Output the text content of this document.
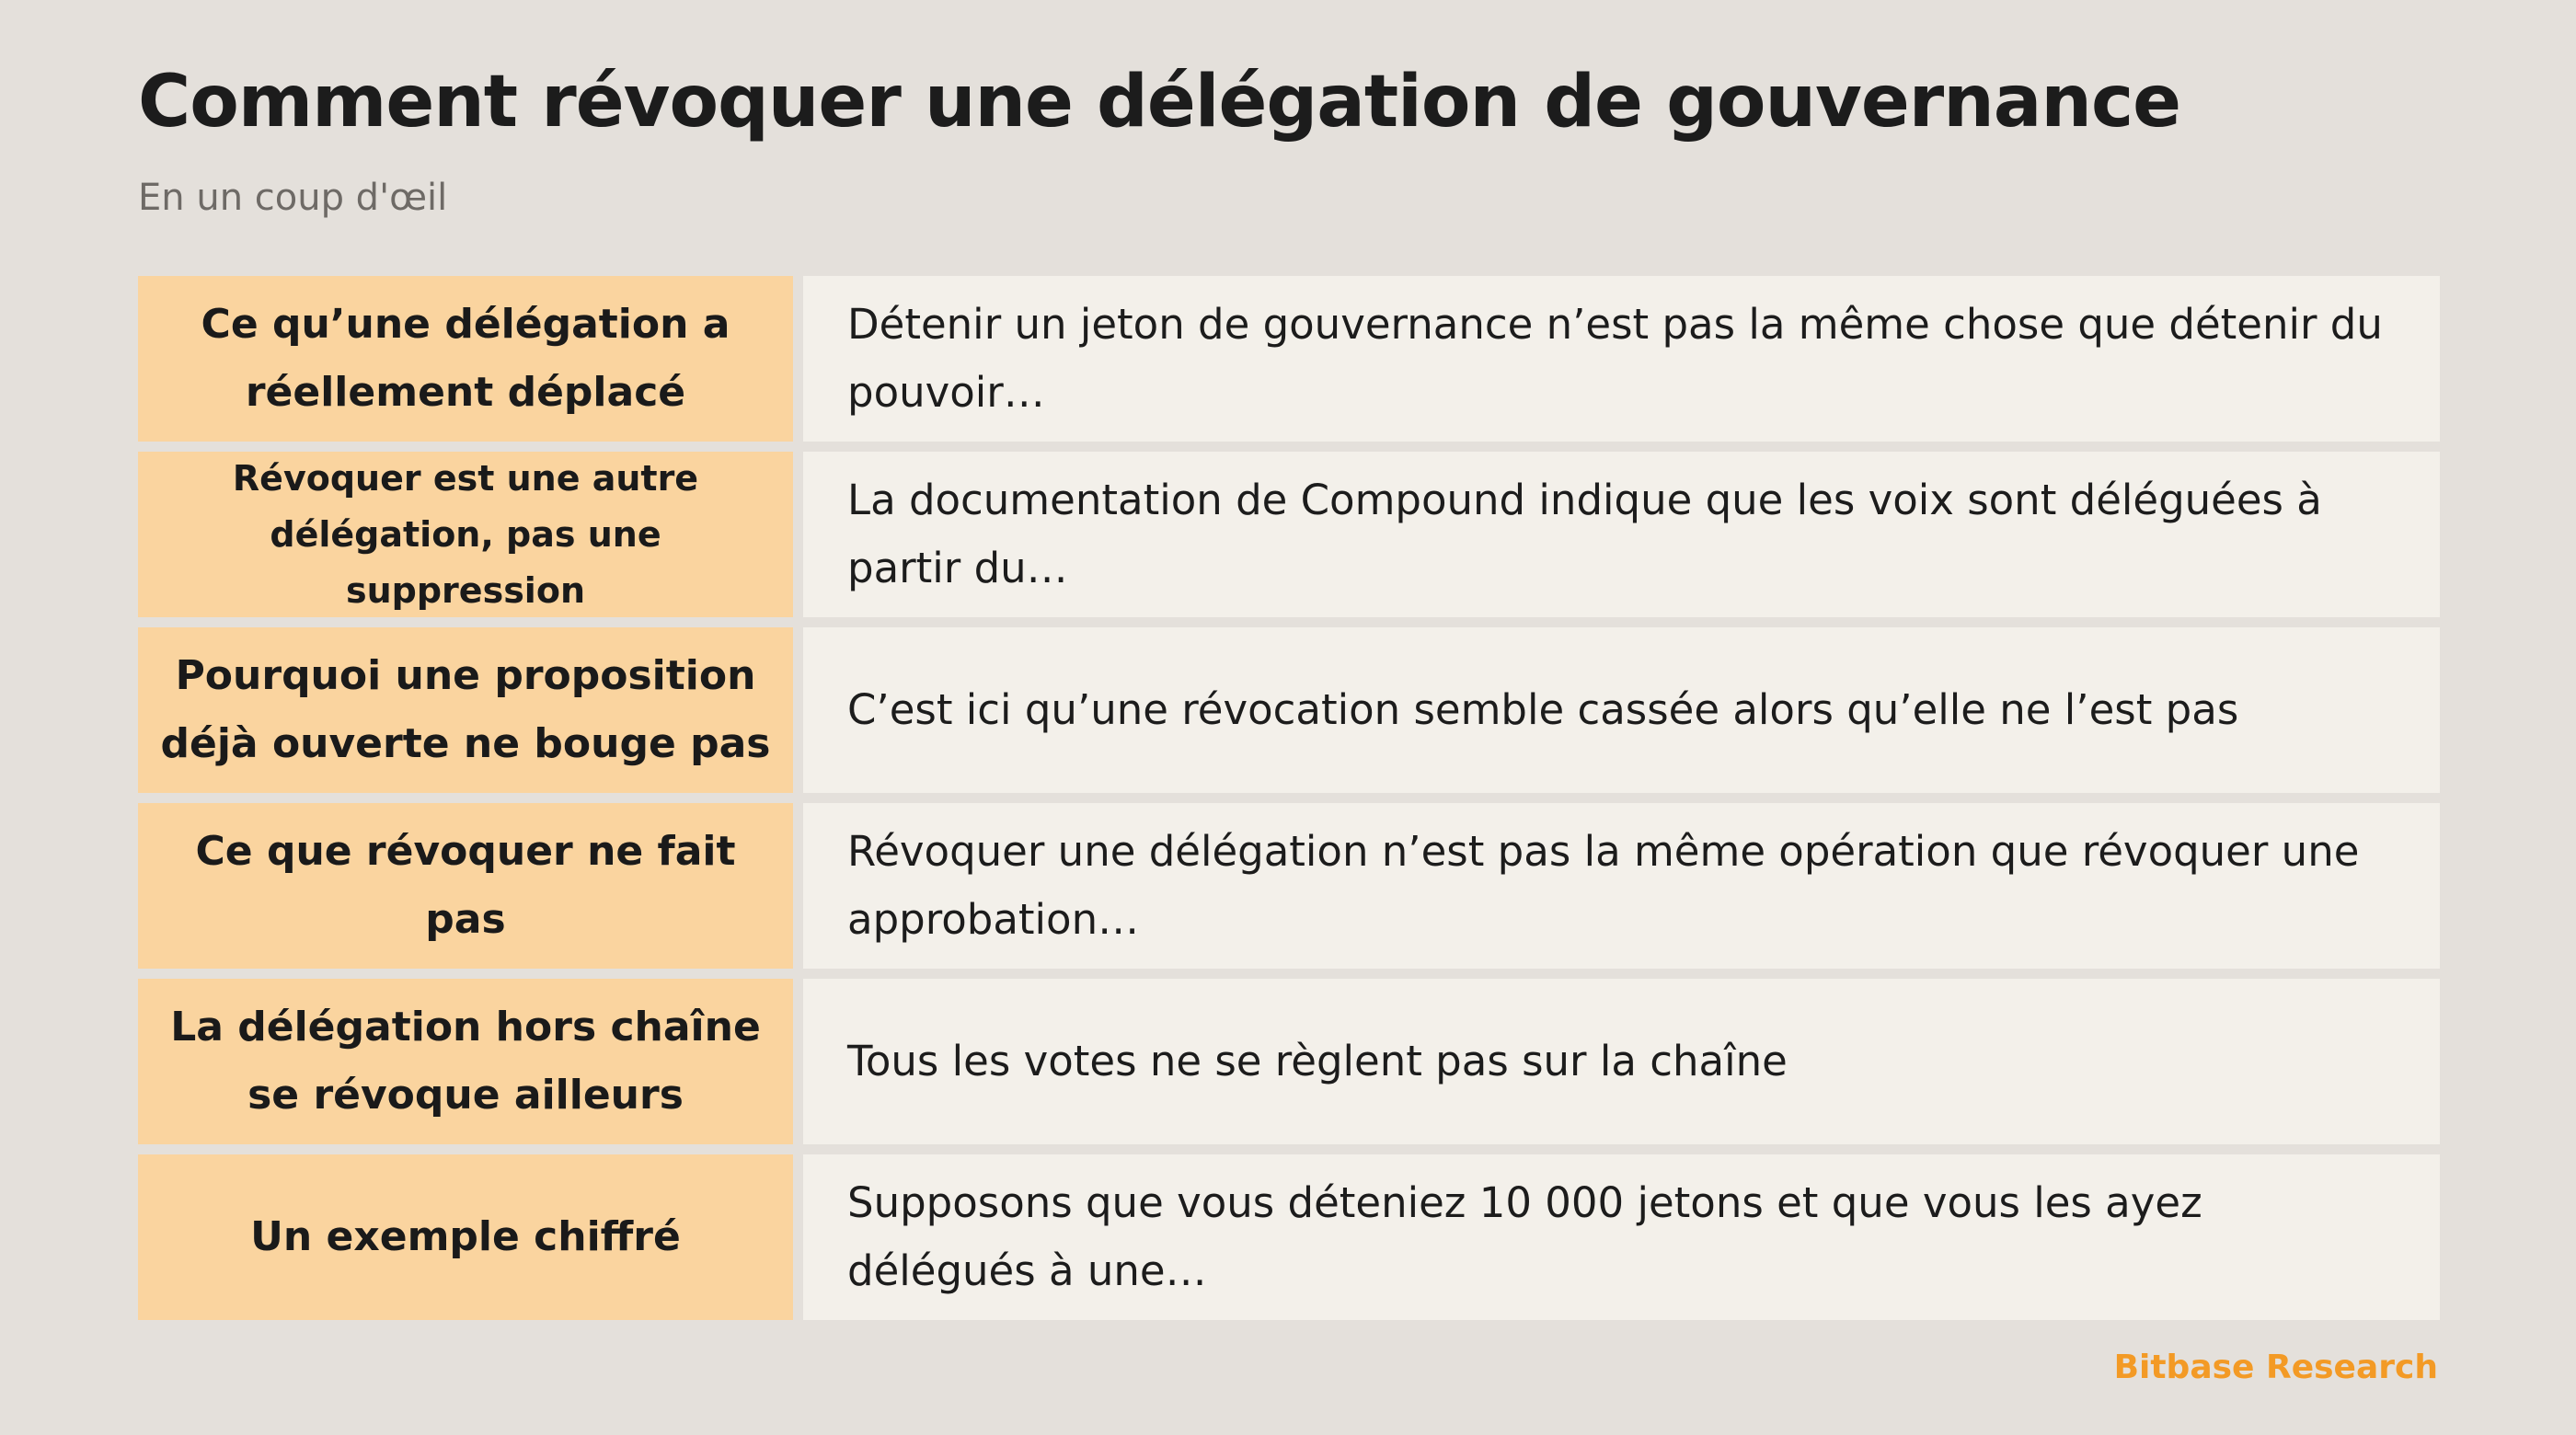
Comment révoquer une délégation de gouvernance
En un coup d'œil
Ce qu’une délégation a réellement déplacé
Détenir un jeton de gouvernance n’est pas la même chose que détenir du pouvoir…
Révoquer est une autre délégation, pas une suppression
La documentation de Compound indique que les voix sont déléguées à partir du…
Pourquoi une proposition déjà ouverte ne bouge pas
C’est ici qu’une révocation semble cassée alors qu’elle ne l’est pas
Ce que révoquer ne fait pas
Révoquer une délégation n’est pas la même opération que révoquer une approbation…
La délégation hors chaîne se révoque ailleurs
Tous les votes ne se règlent pas sur la chaîne
Un exemple chiffré
Supposons que vous déteniez 10 000 jetons et que vous les ayez délégués à une…
Bitbase Research
